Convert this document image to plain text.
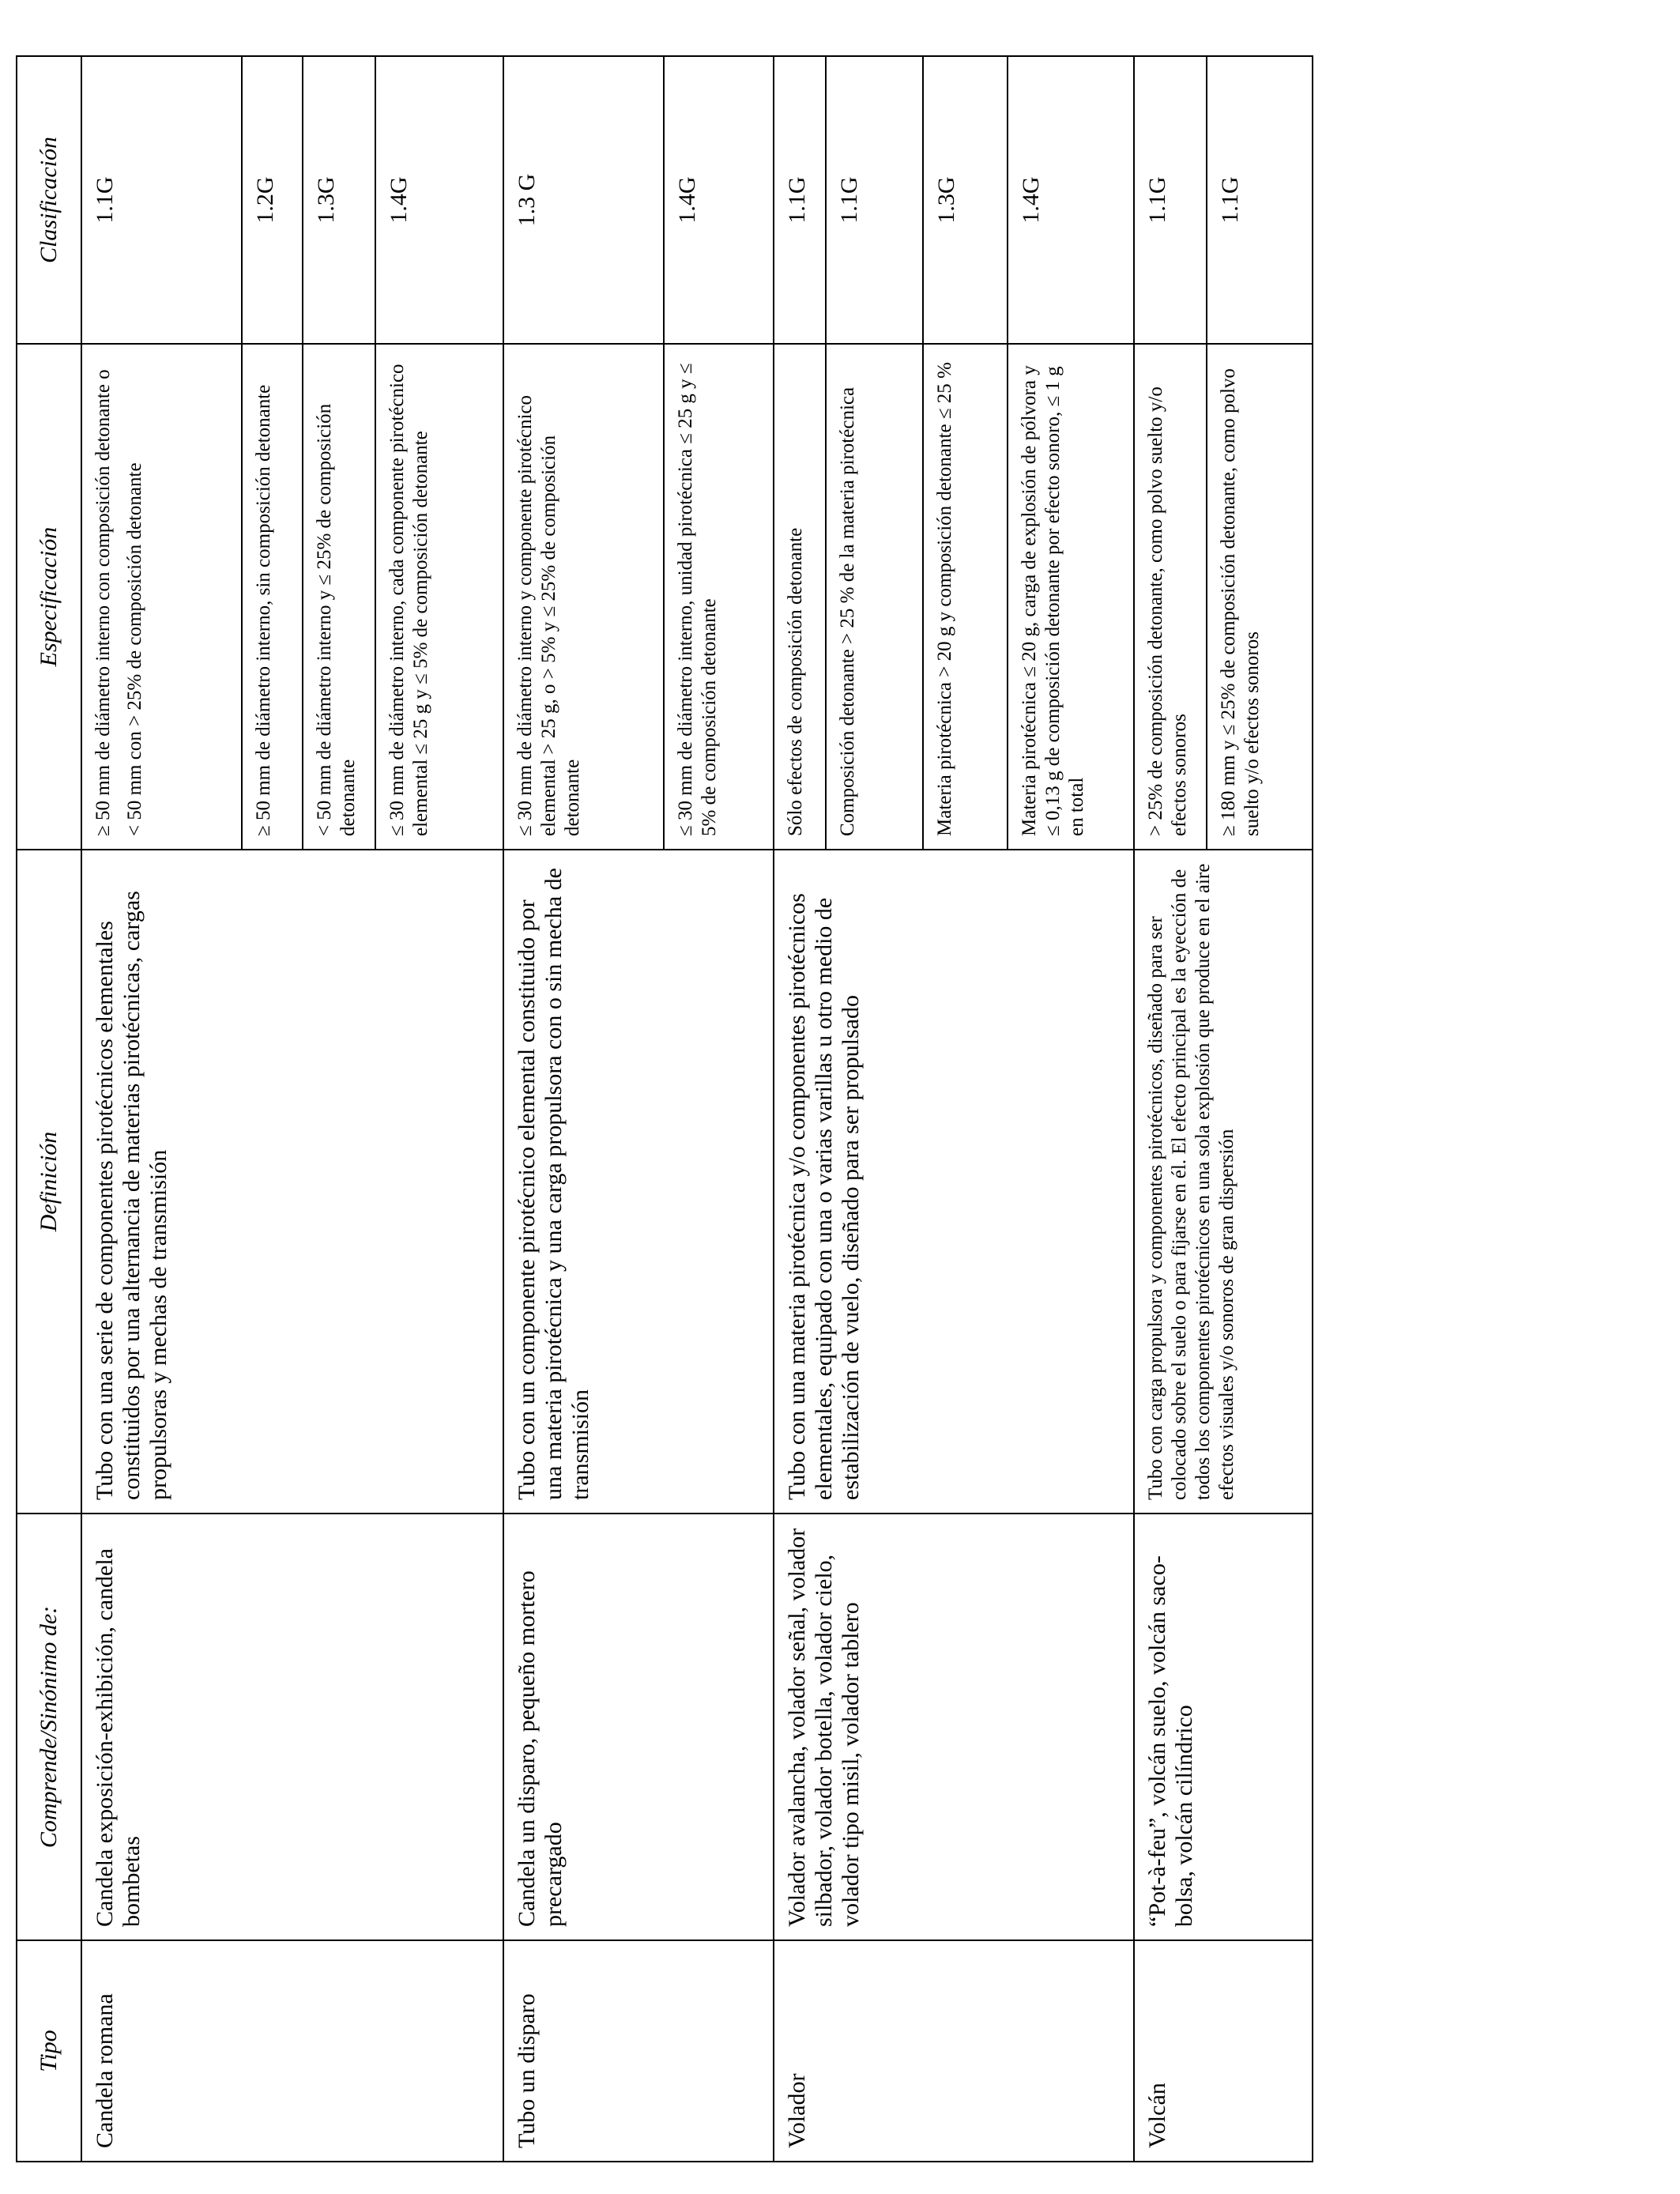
Tipo	Comprende/Sinónimo de:	Definición	Especificación	Clasificación
Candela romana	Candela exposición-exhibición, candela bombetas	Tubo con una serie de componentes pirotécnicos elementales constituidos por una alternancia de materias pirotécnicas, cargas propulsoras y mechas de transmisión	≥ 50 mm de diámetro interno con composición detonante o < 50 mm con > 25% de composición detonante	1.1G

			≥ 50 mm de diámetro interno, sin composición detonante	1.2G

			< 50 mm de diámetro interno y ≤ 25% de composición detonante	1.3G

			≤ 30 mm de diámetro interno, cada componente pirotécnico elemental ≤ 25 g y ≤ 5% de composición detonante	1.4G
Tubo un disparo	Candela un disparo, pequeño mortero precargado	Tubo con un componente pirotécnico elemental constituido por una materia pirotécnica y una carga propulsora con o sin mecha de transmisión	≤ 30 mm de diámetro interno y componente pirotécnico elemental > 25 g, o > 5% y ≤ 25% de composición detonante	1.3 G

			≤ 30 mm de diámetro interno, unidad pirotécnica ≤ 25 g y ≤ 5% de composición detonante	1.4G
Volador	Volador avalancha, volador señal, volador silbador, volador botella, volador cielo, volador tipo misil, volador tablero	Tubo con una materia pirotécnica y/o componentes pirotécnicos elementales, equipado con una o varias varillas u otro medio de estabilización de vuelo, diseñado para ser propulsado	Sólo efectos de composición detonante	1.1G

			Composición detonante > 25 % de la materia pirotécnica	1.1G

			Materia pirotécnica > 20 g y composición detonante ≤ 25 %	1.3G

			Materia pirotécnica ≤ 20 g, carga de explosión de pólvora y ≤ 0,13 g de composición detonante por efecto sonoro, ≤ 1 g en total	1.4G
Volcán	“Pot-à-feu”, volcán suelo, volcán saco-bolsa, volcán cilíndrico	Tubo con carga propulsora y componentes pirotécnicos, diseñado para ser colocado sobre el suelo o para fijarse en él. El efecto principal es la eyección de todos los componentes pirotécnicos en una sola explosión que produce en el aire efectos visuales y/o sonoros de gran dispersión	> 25% de composición detonante, como polvo suelto y/o efectos sonoros	1.1G

			≥ 180 mm y ≤ 25% de composición detonante, como polvo suelto y/o efectos sonoros	1.1G
